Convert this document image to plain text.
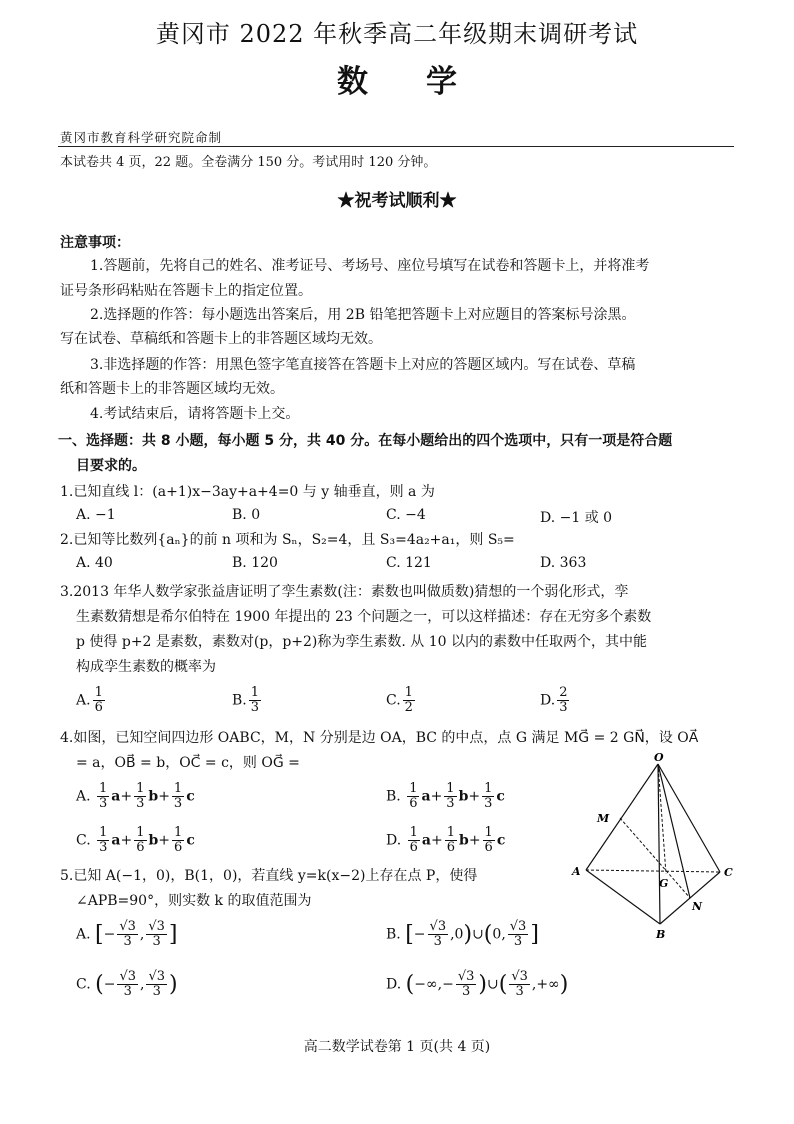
黄冈市 2022 年秋季高二年级期末调研考试
数学
黄冈市教育科学研究院命制
本试卷共 4 页，22 题。全卷满分 150 分。考试用时 120 分钟。
★祝考试顺利★
注意事项：
1.答题前，先将自己的姓名、准考证号、考场号、座位号填写在试卷和答题卡上，并将准考
证号条形码粘贴在答题卡上的指定位置。
2.选择题的作答：每小题选出答案后，用 2B 铅笔把答题卡上对应题目的答案标号涂黑。
写在试卷、草稿纸和答题卡上的非答题区域均无效。
3.非选择题的作答：用黑色签字笔直接答在答题卡上对应的答题区域内。写在试卷、草稿
纸和答题卡上的非答题区域均无效。
4.考试结束后，请将答题卡上交。
一、选择题：共 8 小题，每小题 5 分，共 40 分。在每小题给出的四个选项中，只有一项是符合题
目要求的。
1.已知直线 l：(a+1)x−3ay+a+4=0 与 y 轴垂直，则 a 为
A. −1	B. 0	C. −4	D. −1 或 0
2.已知等比数列{aₙ}的前 n 项和为 Sₙ，S₂=4，且 S₃=4a₂+a₁，则 S₅=
A. 40	B. 120	C. 121	D. 363
3.2013 年华人数学家张益唐证明了孪生素数(注：素数也叫做质数)猜想的一个弱化形式，孪
生素数猜想是希尔伯特在 1900 年提出的 23 个问题之一，可以这样描述：存在无穷多个素数
p 使得 p+2 是素数，素数对(p，p+2)称为孪生素数. 从 10 以内的素数中任取两个，其中能
构成孪生素数的概率为
A. $\frac{1}{6}$	B. $\frac{1}{3}$	C. $\frac{1}{2}$	D. $\frac{2}{3}$
4.如图，已知空间四边形 OABC，M，N 分别是边 OA，BC 的中点，点 G 满足 MG⃗ = 2 GN⃗，设 OA⃗
= a，OB⃗ = b，OC⃗ = c，则 OG⃗ =
A. $\frac{1}{3} a+ \frac{1}{3} b+ \frac{1}{3}$ c	B. $\frac{1}{6} a+ \frac{1}{3} b+ \frac{1}{3}$ c
C. $\frac{1}{3} a+ \frac{1}{6} b+ \frac{1}{6}$ c	D. $\frac{1}{6} a+ \frac{1}{6} b+ \frac{1}{6}$ c
O
M
A
G
C
N
B
5.已知 A(−1，0)，B(1，0)，若直线 y=k(x−2)上存在点 P，使得
∠APB=90°，则实数 k 的取值范围为
A. [− $\frac{√3}{3}$ , $\frac{√3}{3}$ ]	B. [− $\frac{√3}{3}$ ,0)∪(0, $\frac{√3}{3}$ ]
C. (− $\frac{√3}{3}$ , $\frac{√3}{3}$ )	D. (−∞,− $\frac{√3}{3}$ )∪( $\frac{√3}{3}$ ,+∞)
高二数学试卷第 1 页(共 4 页)
